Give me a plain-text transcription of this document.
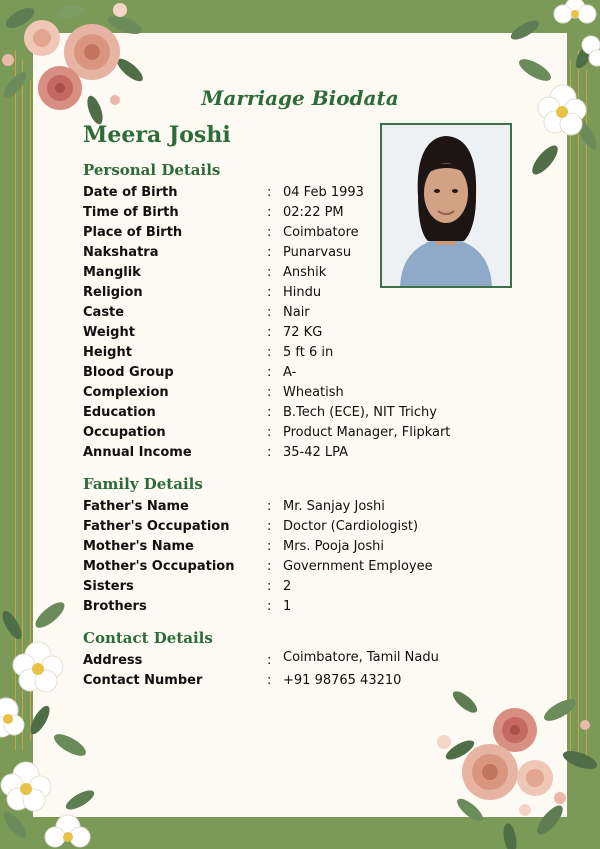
Marriage Biodata
Meera Joshi
Personal Details
Date of Birth	: 04 Feb 1993
Time of Birth	: 02:22 PM
Place of Birth	: Coimbatore
Nakshatra	: Punarvasu
Manglik	: Anshik
Religion	: Hindu
Caste	: Nair
Weight	: 72 KG
Height	: 5 ft 6 in
Blood Group	: A-
Complexion	: Wheatish
Education	: B.Tech (ECE), NIT Trichy
Occupation	: Product Manager, Flipkart
Annual Income	: 35-42 LPA
Family Details
Father's Name	: Mr. Sanjay Joshi
Father's Occupation	: Doctor (Cardiologist)
Mother's Name	: Mrs. Pooja Joshi
Mother's Occupation	: Government Employee
Sisters	: 2
Brothers	: 1
Contact Details
Address	: Coimbatore, Tamil Nadu
Contact Number	: +91 98765 43210
